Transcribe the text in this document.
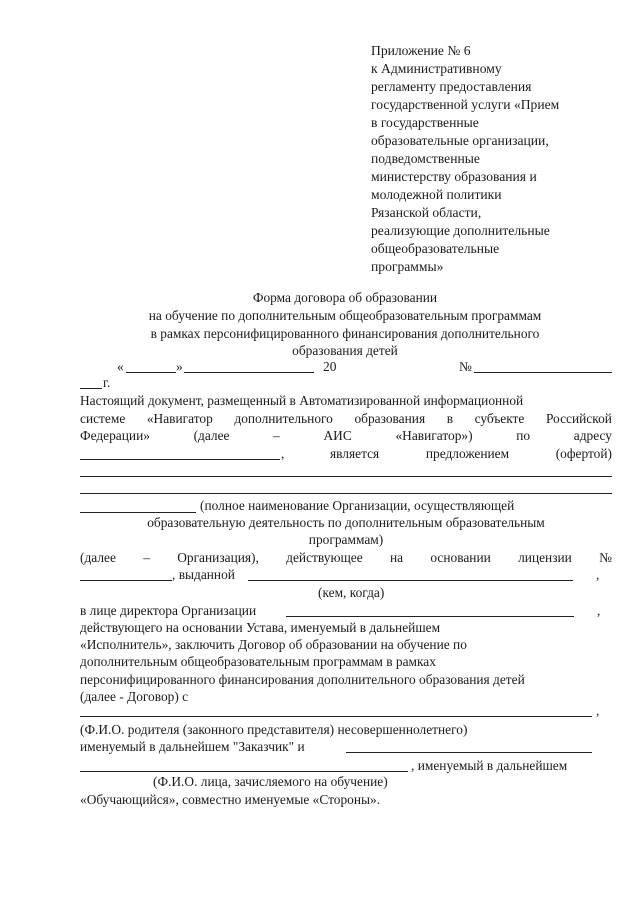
Приложение № 6
к Административному
регламенту предоставления
государственной услуги «Прием
в государственные
образовательные организации,
подведомственные
министерству образования и
молодежной политики
Рязанской области,
реализующие дополнительные
общеобразовательные
программы»
Форма договора об образовании
на обучение по дополнительным общеобразовательным программам
в рамках персонифицированного финансирования дополнительного
образования детей
«	»	20	№
г.
Настоящий документ, размещенный в Автоматизированной информационной
системе «Навигатор дополнительного образования в субъекте Российской
Федерации»	(далее	–	АИС	«Навигатор»)	по	адресу
,	является	предложением	(офертой)
(полное наименование Организации, осуществляющей
образовательную деятельность по дополнительным образовательным
программам)
(далее – Организация), действующее на основании лицензии №
, выданной	,
(кем, когда)
в лице директора Организации	,
действующего на основании Устава, именуемый в дальнейшем
«Исполнитель», заключить Договор об образовании на обучение по
дополнительным общеобразовательным программам в рамках
персонифицированного финансирования дополнительного образования детей
(далее - Договор) с
,
(Ф.И.О. родителя (законного представителя) несовершеннолетнего)
именуемый в дальнейшем "Заказчик" и
, именуемый в дальнейшем
(Ф.И.О. лица, зачисляемого на обучение)
«Обучающийся», совместно именуемые «Стороны».
